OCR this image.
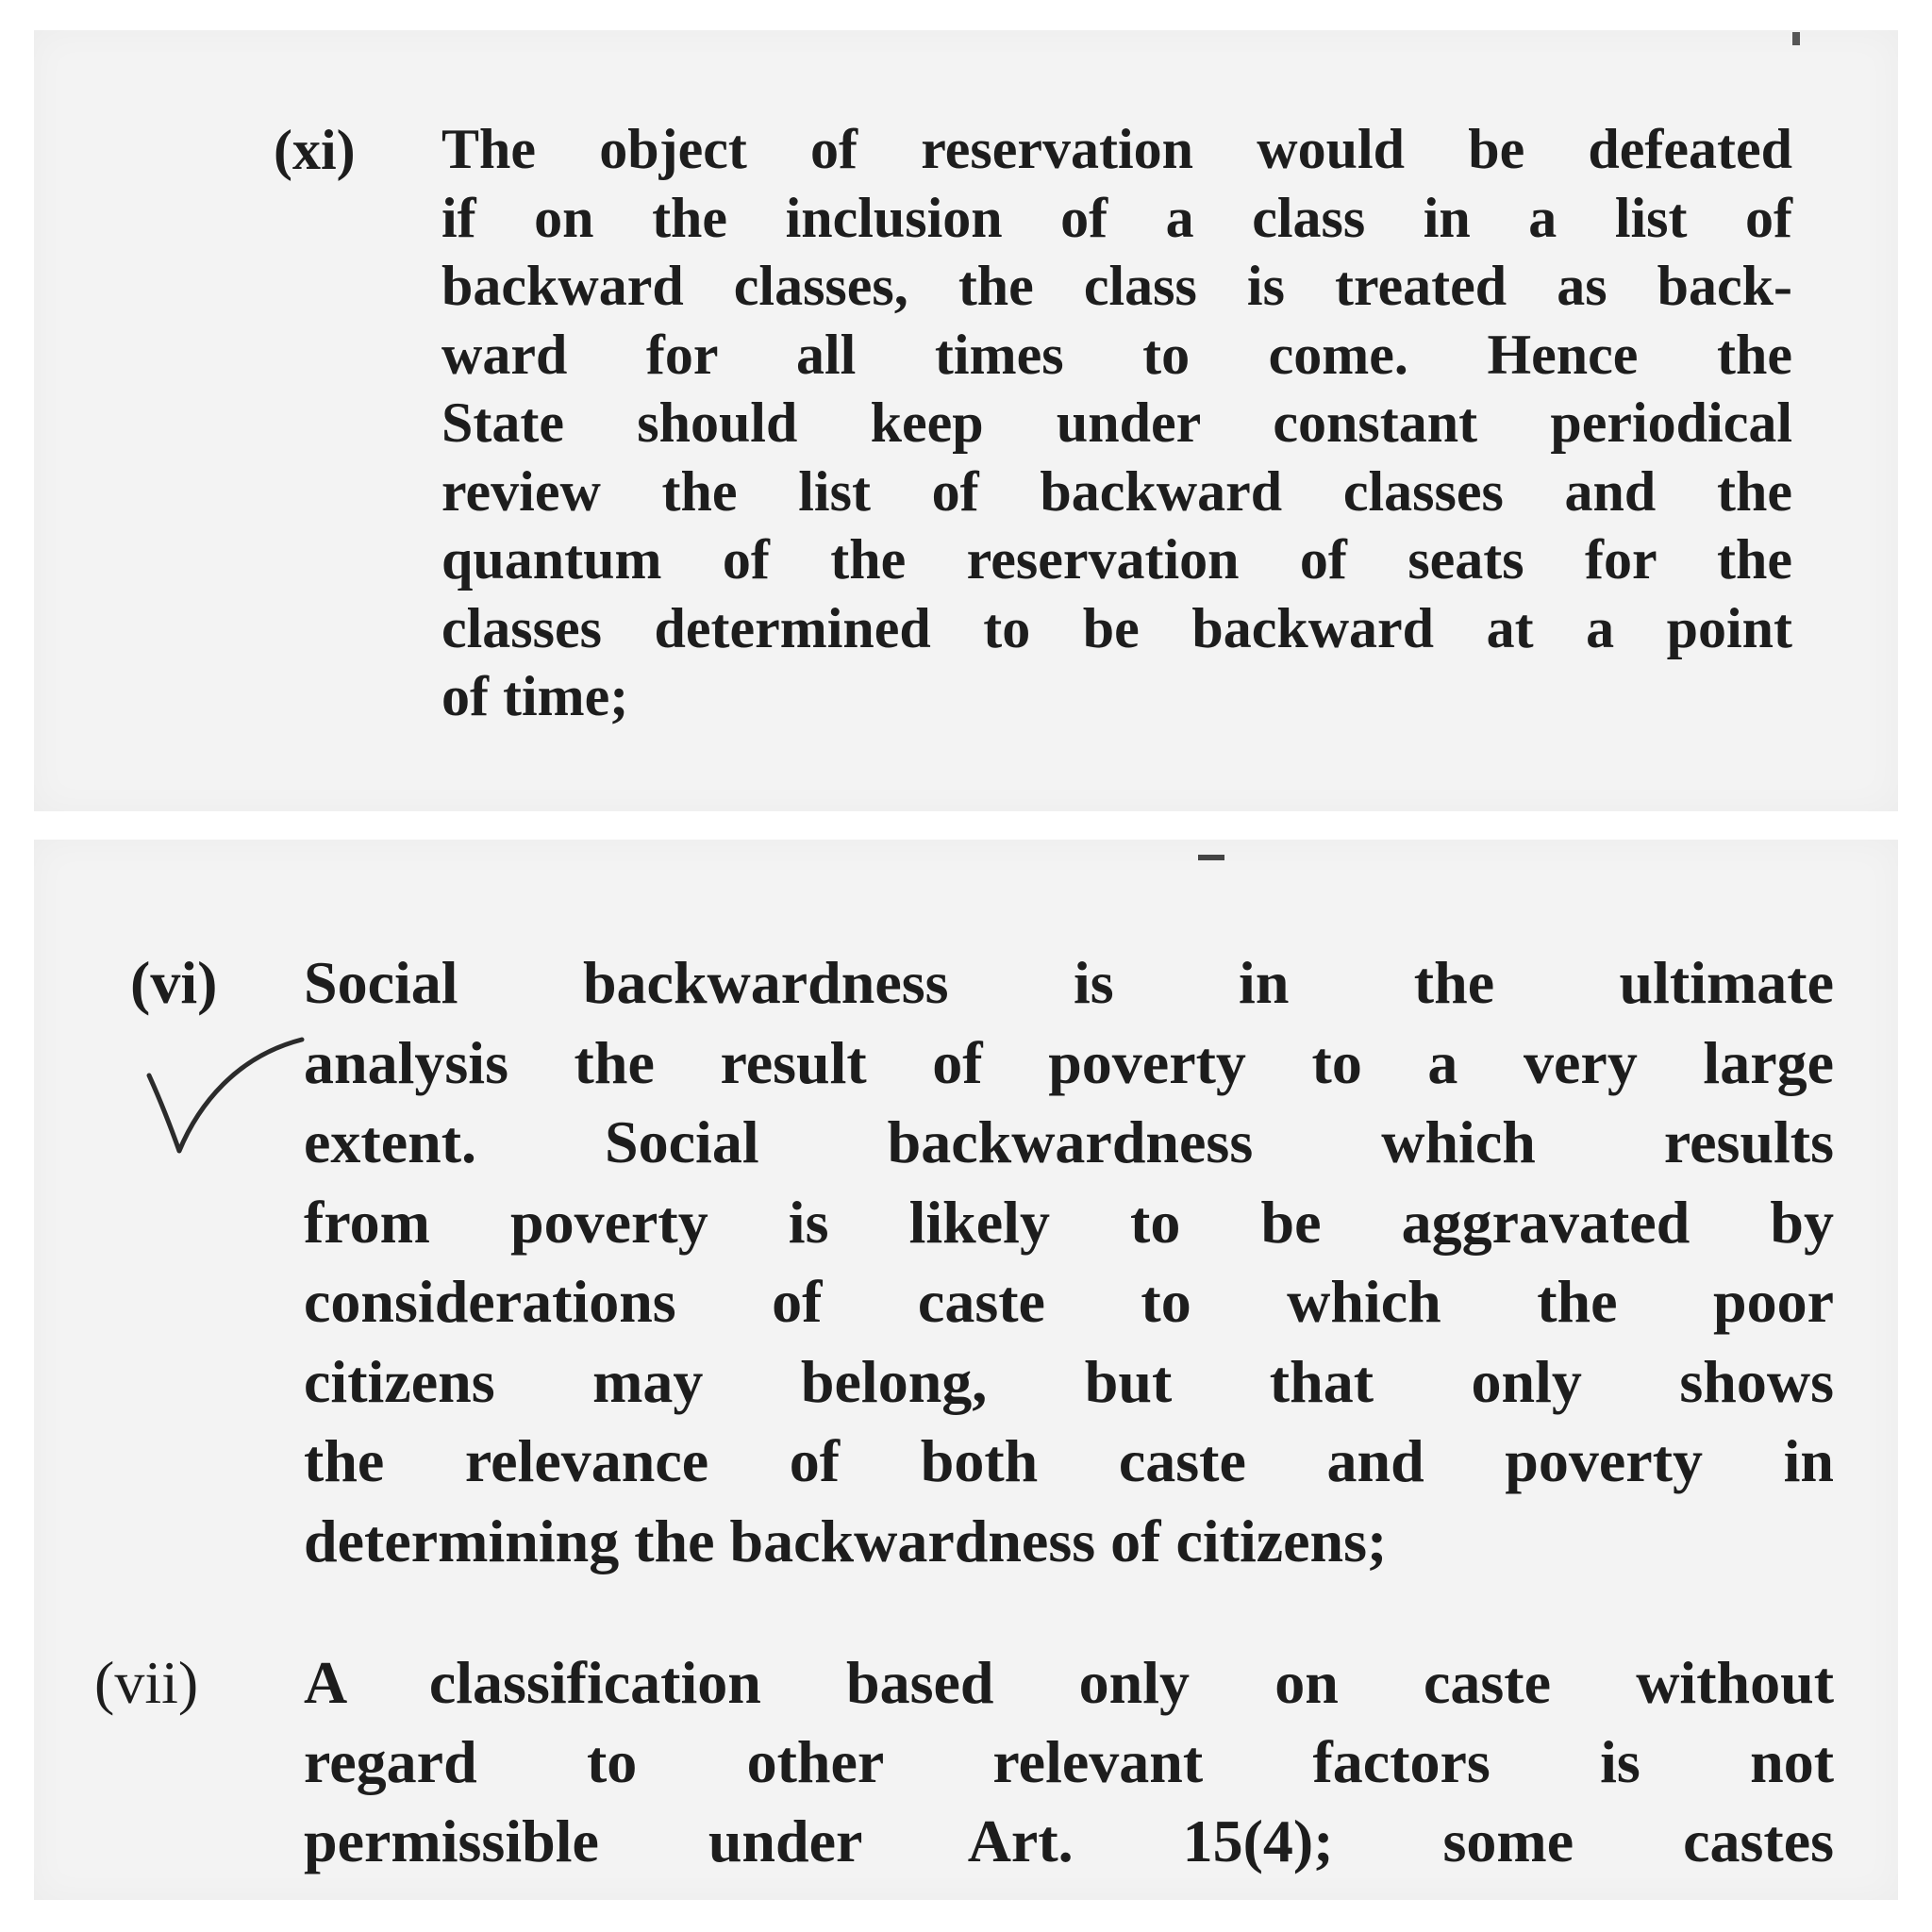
(xi)	The object of reservation would be defeated
if on the inclusion of a class in a list of
backward classes, the class is treated as back-
ward for all times to come. Hence the
State should keep under constant periodical
review the list of backward classes and the
quantum of the reservation of seats for the
classes determined to be backward at a point
of time;
(vi)	Social backwardness is in the ultimate
analysis the result of poverty to a very large
extent. Social backwardness which results
from poverty is likely to be aggravated by
considerations of caste to which the poor
citizens may belong, but that only shows
the relevance of both caste and poverty in
determining the backwardness of citizens;
(vii)	A classification based only on caste without
regard to other relevant factors is not
permissible under Art. 15(4); some castes
